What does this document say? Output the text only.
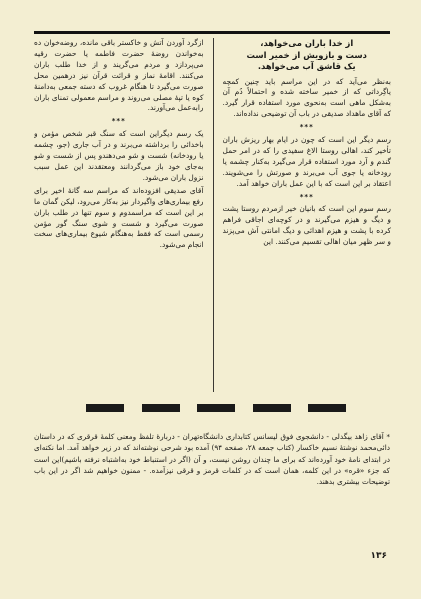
از خدا باران می‌خواهد،
دست و بازویش از خمیر است
یک قاشق آب می‌خواهد.

به‌نظر می‌آید که در این مراسم باید چنین کمچه یاگِرداتی که از خمیر ساخته شده و احتمالاً دُم آن به‌شکل ماهی است به‌نحوی مورد استفاده قرار گیرد. که آقای ماهداد صدیقی در باب آن توضیحی نداده‌اند.

***

رسم دیگر این است که چون در ایام بهار ریزش باران تأخیر کند، اهالی روستا الاغ سفیدی را که در امر حمل گندم و آرد مورد استفاده قرار می‌گیرد به‌کنار چشمه یا رودخانه یا جوی آب می‌برند و صورتش را می‌شویند. اعتقاد بر این است که با این عمل باران خواهد آمد.

***

رسم سوم این است که بانیان خیر ازمردم روستا پشت و دیگ و هیزم می‌گیرند و در کوچه‌ای اجاقی فراهم کرده با پشت و هیزم اهدائی و دیگ امانتی آش می‌پزند و سر ظهر میان اهالی تقسیم می‌کنند. این

ازگرد آوردن آتش و خاکستر باقی مانده، روضه‌خوان ده به‌خواندن روضهٔ حضرت فاطمه یا حضرت رقیه می‌پردازد و مردم می‌گریند و از خدا طلب باران می‌کنند. اقامهٔ نماز و قرائت قرآن نیز درهمین محل صورت می‌گیرد تا هنگام غروب که دسته جمعی به‌دامنهٔ کوه یا تپهٔ مصلی می‌روند و مراسم معمولی تمنای باران رابه‌عمل می‌آورند.

***

یک رسم دیگراین است که سنگ قبر شخص مؤمن و باخدائی را برداشته می‌برند و در آب جاری (جو، چشمه یا رودخانه) شست و شو می‌دهندو پس از شست و شو به‌جای خود باز می‌گردانند ومعتقدند این عمل سبب نزول باران می‌شود.

آقای صدیقی افزوده‌اند که مراسم سه گانهٔ اخیر برای رفع بیماری‌های واگیردار نیز به‌کار می‌رود، لیکن گمان ما بر این است که مراسمدوم و سوم تنها در طلب باران صورت می‌گیرد و شست و شوی سنگ گور مؤمن رسمی است که فقط به‌هنگام شیوع بیماری‌های سخت انجام می‌شود.

* آقای زاهد بیگدلی - دانشجوی فوق لیسانس کتابداری دانشگاه‌تهران - دربارهٔ تلفظ ومعنی کلمهٔ قرقری که در داستان دائی‌محمد نوشتهٔ نسیم خاکسار (کتاب جمعه ۲۸، صفحه ۹۴) آمده بود شرحی نوشته‌اند که در زیر خواهد آمد. اما نکته‌ای در ابتدای نامهٔ خود آورده‌اند که برای ما چندان روشن نیست، و آن (اگر در استنباط خود به‌اشتباه نرفته باشیم)این است که جزء «قره» در این کلمه، همان است که در کلمات قرمز و قرقی نیزآمده. - ممنون خواهیم شد اگر در این باب توضیحات بیشتری بدهند.

۱۳۶
